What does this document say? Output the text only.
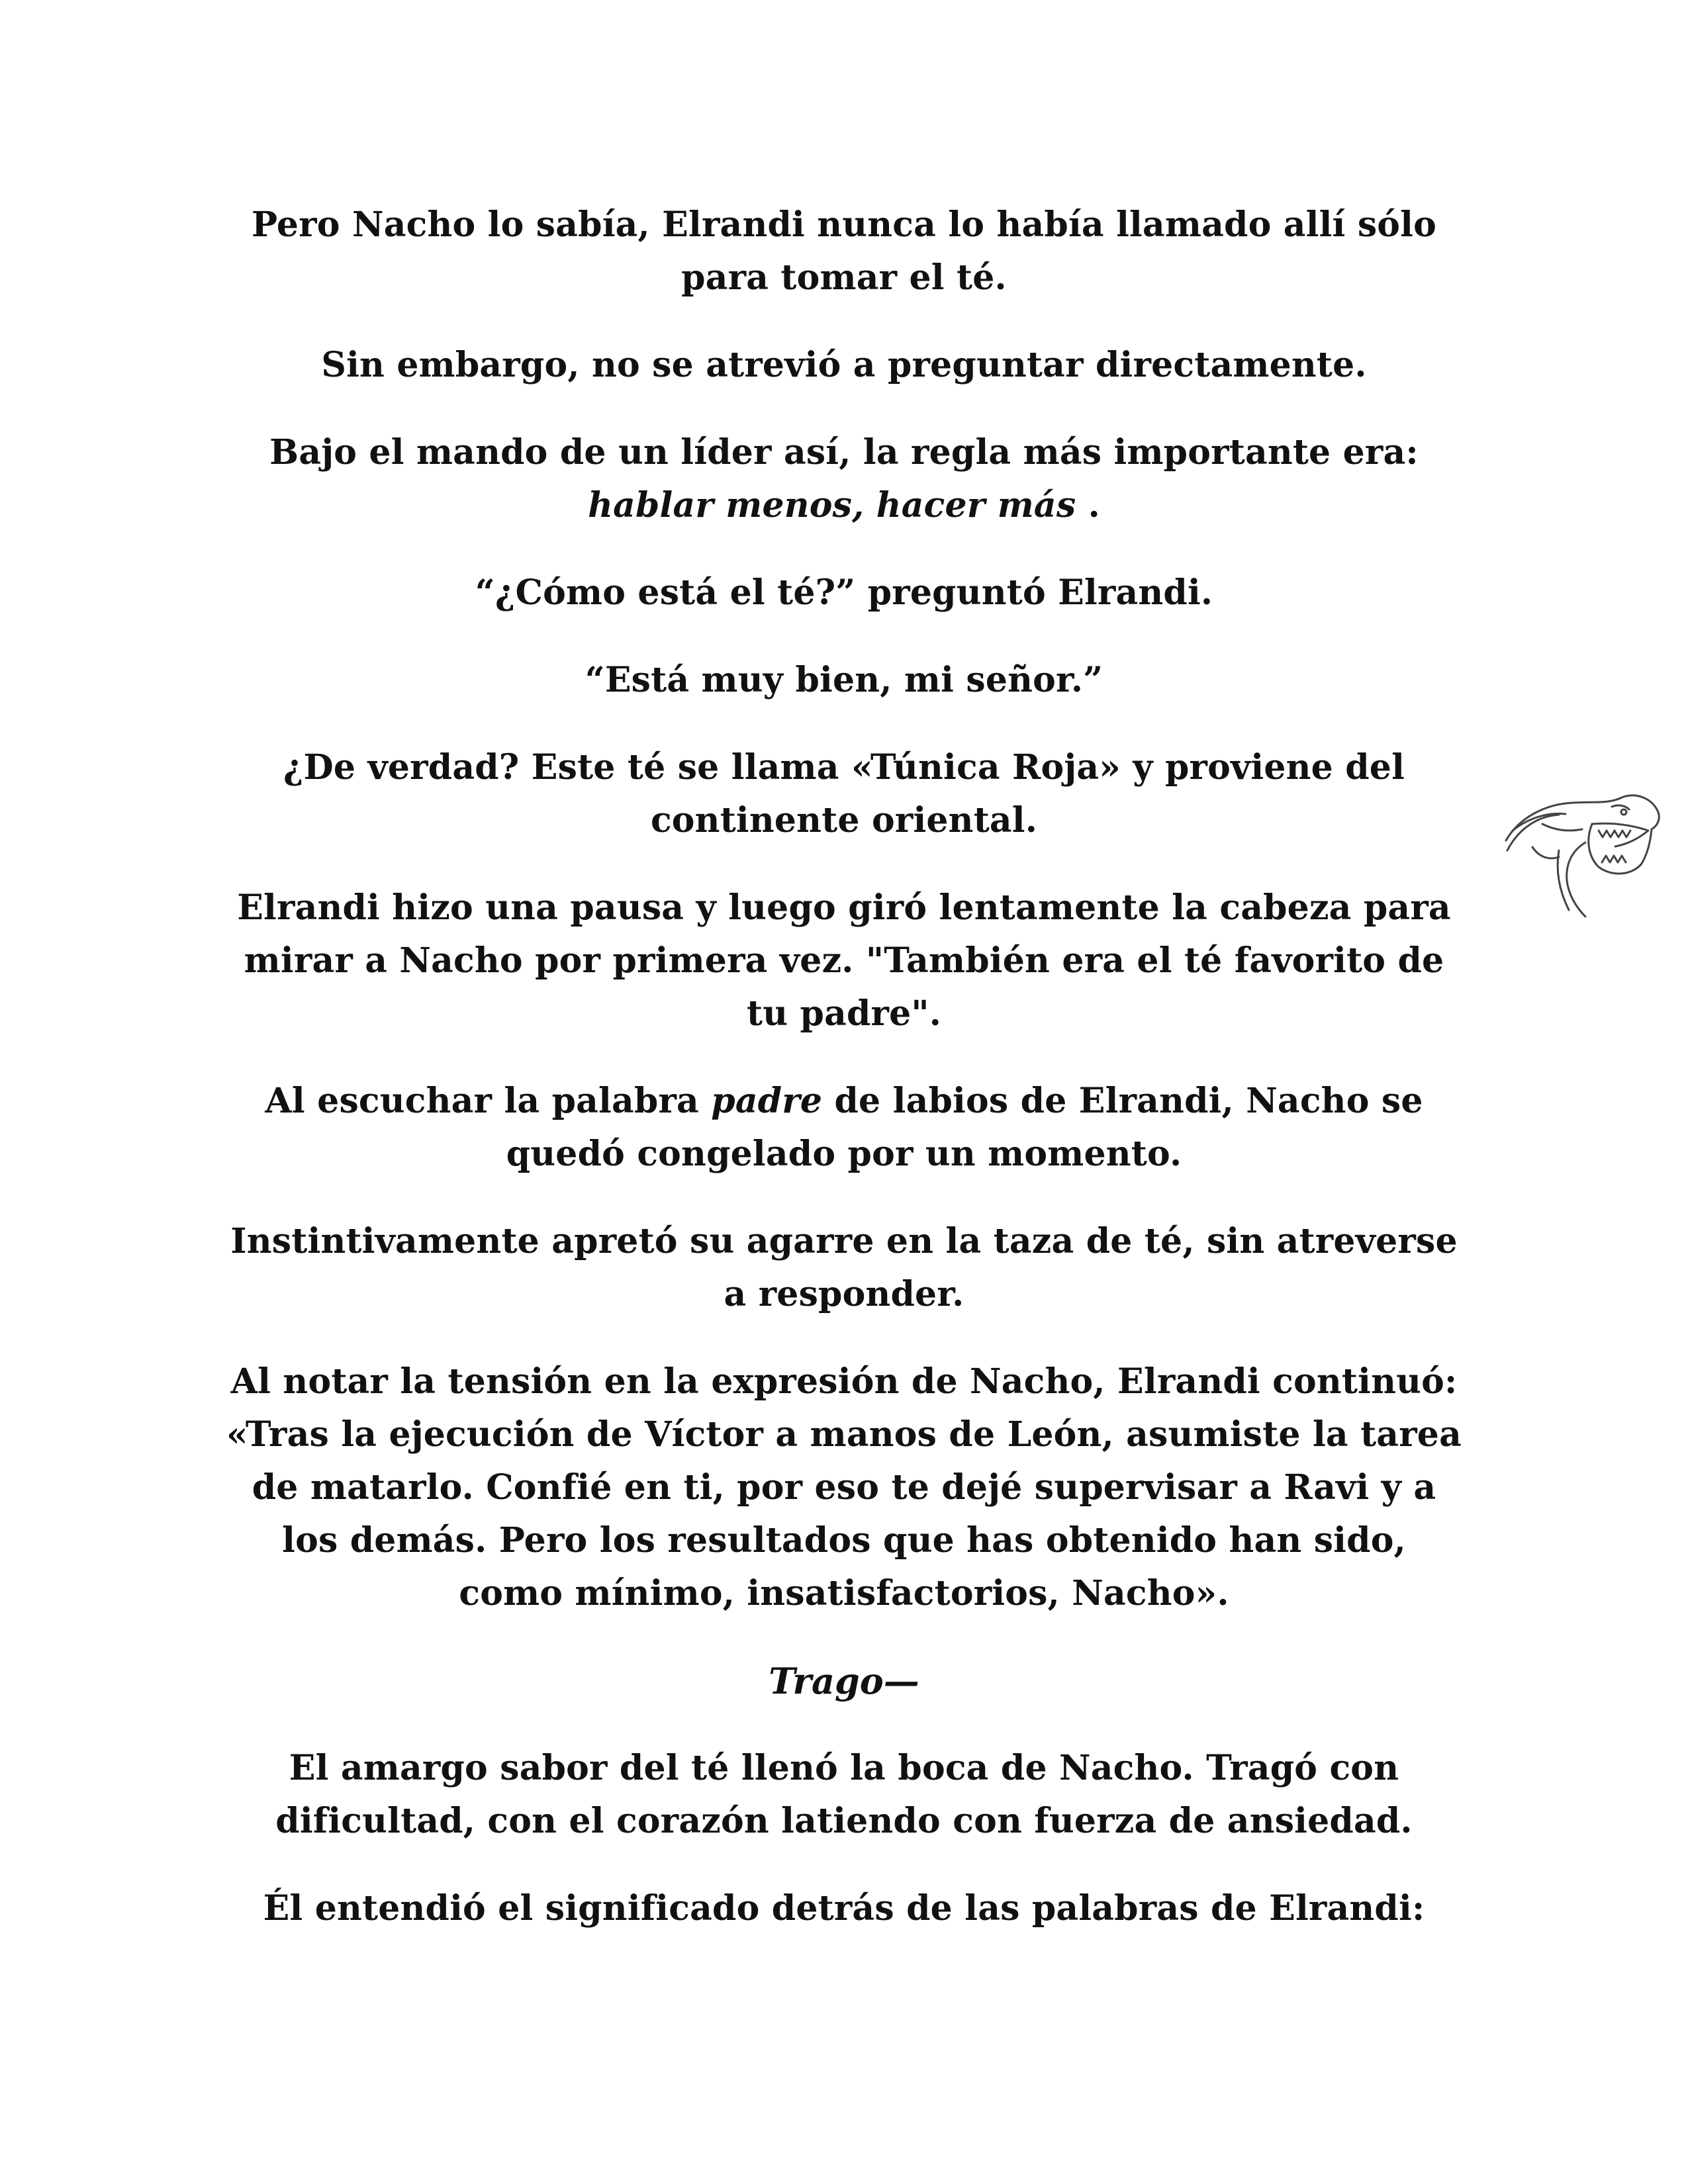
Pero Nacho lo sabía, Elrandi nunca lo había llamado allí sólo para tomar el té.

Sin embargo, no se atrevió a preguntar directamente.

Bajo el mando de un líder así, la regla más importante era: hablar menos, hacer más .

“¿Cómo está el té?” preguntó Elrandi.

“Está muy bien, mi señor.”

¿De verdad? Este té se llama «Túnica Roja» y proviene del continente oriental.

Elrandi hizo una pausa y luego giró lentamente la cabeza para mirar a Nacho por primera vez. "También era el té favorito de tu padre".

Al escuchar la palabra padre de labios de Elrandi, Nacho se quedó congelado por un momento.

Instintivamente apretó su agarre en la taza de té, sin atreverse a responder.

Al notar la tensión en la expresión de Nacho, Elrandi continuó: «Tras la ejecución de Víctor a manos de León, asumiste la tarea de matarlo. Confié en ti, por eso te dejé supervisar a Ravi y a los demás. Pero los resultados que has obtenido han sido, como mínimo, insatisfactorios, Nacho».

Trago—

El amargo sabor del té llenó la boca de Nacho. Tragó con dificultad, con el corazón latiendo con fuerza de ansiedad.

Él entendió el significado detrás de las palabras de Elrandi:
